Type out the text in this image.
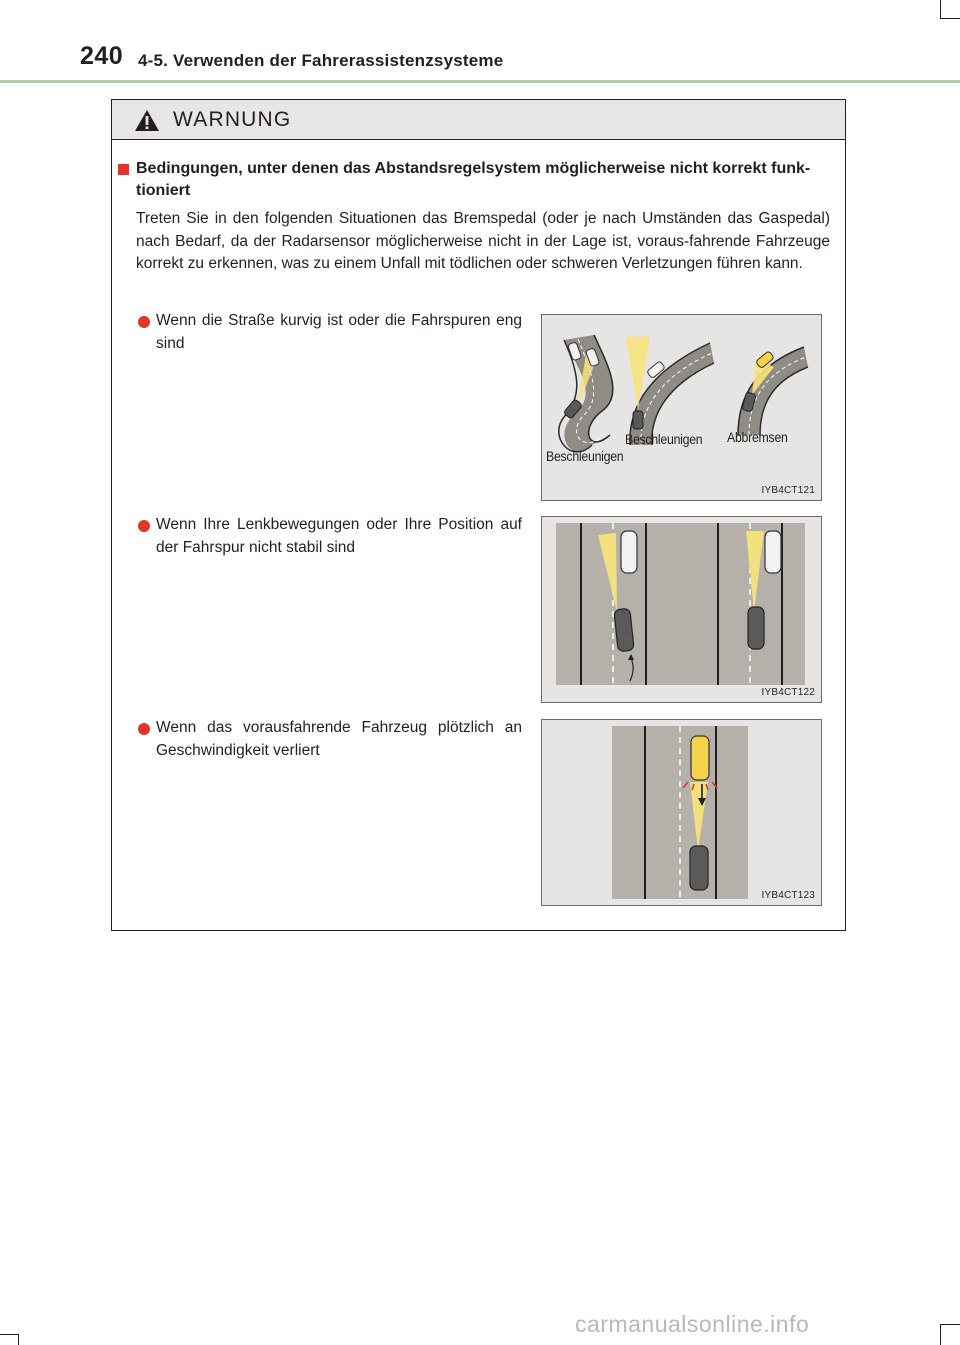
240 4-5. Verwenden der Fahrerassistenzsysteme
WARNUNG
Bedingungen, unter denen das Abstandsregelsystem möglicherweise nicht korrekt funk-tioniert
Treten Sie in den folgenden Situationen das Bremspedal (oder je nach Umständen das Gaspedal) nach Bedarf, da der Radarsensor möglicherweise nicht in der Lage ist, voraus-fahrende Fahrzeuge korrekt zu erkennen, was zu einem Unfall mit tödlichen oder schweren Verletzungen führen kann.
Wenn die Straße kurvig ist oder die Fahrspuren eng sind
Beschleunigen
Beschleunigen Abbremsen
IYB4CT121
Wenn Ihre Lenkbewegungen oder Ihre Position auf der Fahrspur nicht stabil sind
IYB4CT122
Wenn das vorausfahrende Fahrzeug plötzlich an Geschwindigkeit verliert
IYB4CT123
carmanualsonline.info
